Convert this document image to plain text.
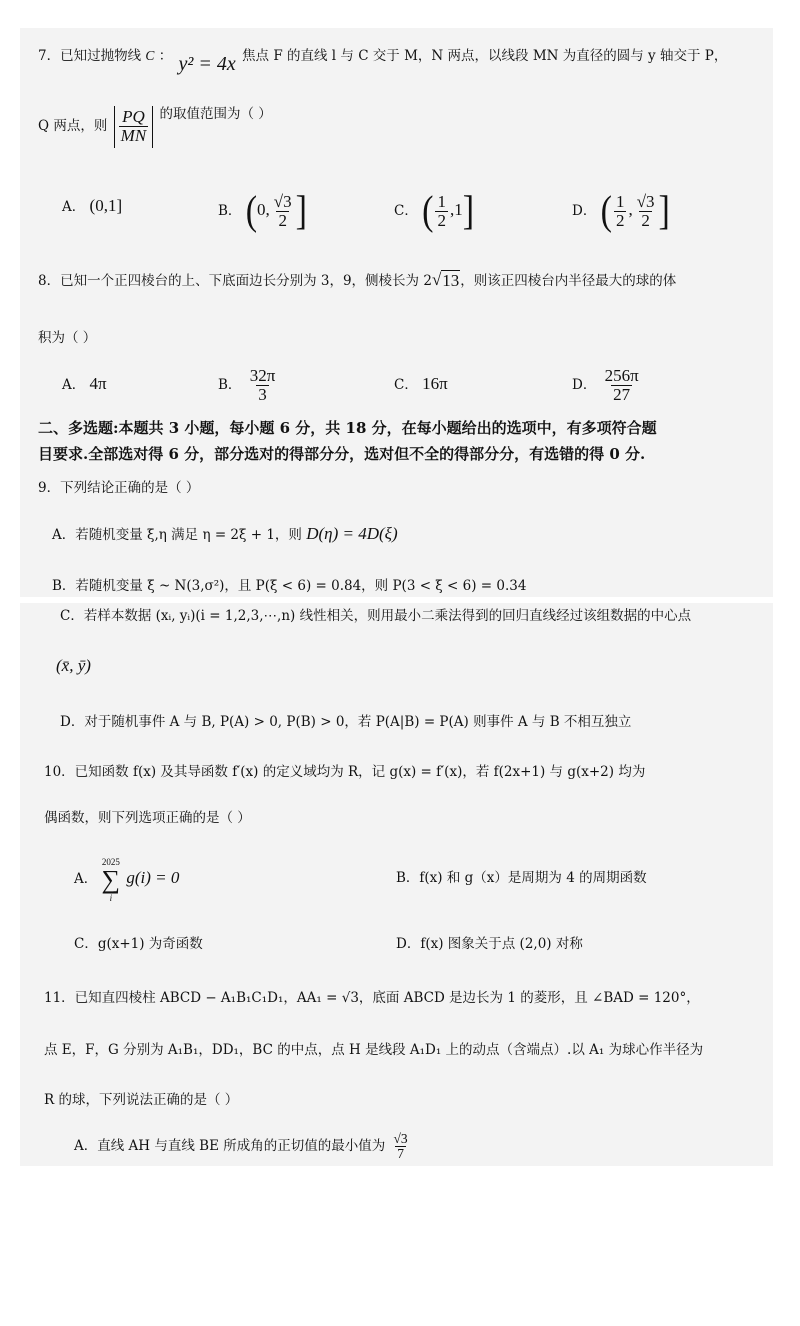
7．已知过抛物线 C ： y² = 4x 焦点 F 的直线 l 与 C 交于 M，N 两点，以线段 MN 为直径的圆与 y 轴交于 P，
Q 两点，则 $\frac{PQ}{MN}$ 的取值范围为（ ）
A． (0,1]	B． (0, $\frac{√3}{2}$ ]	C． ( $\frac{1}{2} ,1$]	D． ( $\frac{1}{2}$ , $\frac{√3}{2}$ ]
8．已知一个正四棱台的上、下底面边长分别为 3，9，侧棱长为 2 √ 13 ，则该正四棱台内半径最大的球的体
积为（ ）
A． 4π	B． $\frac{32\pi}{3}$	C． 16π	D． $\frac{256\pi}{27}$
二、多选题:本题共 3 小题，每小题 6 分，共 18 分，在每小题给出的选项中，有多项符合题
目要求.全部选对得 6 分，部分选对的得部分分，选对但不全的得部分分，有选错的得 0 分.
9．下列结论正确的是（ ）
A．若随机变量 ξ,η 满足 η = 2ξ + 1，则 D(η) = 4D(ξ)
B．若随机变量 ξ ~ N(3,σ²)，且 P(ξ < 6) = 0.84，则 P(3 < ξ < 6) = 0.34
C．若样本数据 (xᵢ, yᵢ)(i = 1,2,3,⋯,n) 线性相关，则用最小二乘法得到的回归直线经过该组数据的中心点
(x̄, ȳ)
D．对于随机事件 A 与 B, P(A) > 0, P(B) > 0，若 P(A|B) = P(A) 则事件 A 与 B 不相互独立
10．已知函数 f(x) 及其导函数 f′(x) 的定义域均为 R，记 g(x) = f′(x)，若 f(2x+1) 与 g(x+2) 均为
偶函数，则下列选项正确的是（ ）
A．
2025
∑
i
g(i) = 0	B．f(x) 和 g（x）是周期为 4 的周期函数
C．g(x+1) 为奇函数	D．f(x) 图象关于点 (2,0) 对称
11．已知直四棱柱 ABCD − A₁B₁C₁D₁，AA₁ = √3，底面 ABCD 是边长为 1 的菱形，且 ∠BAD = 120°，
点 E，F，G 分别为 A₁B₁，DD₁，BC 的中点，点 H 是线段 A₁D₁ 上的动点（含端点）.以 A₁ 为球心作半径为
R 的球，下列说法正确的是（ ）
A．直线 AH 与直线 BE 所成角的正切值的最小值为 $\frac{√3}{7}$
